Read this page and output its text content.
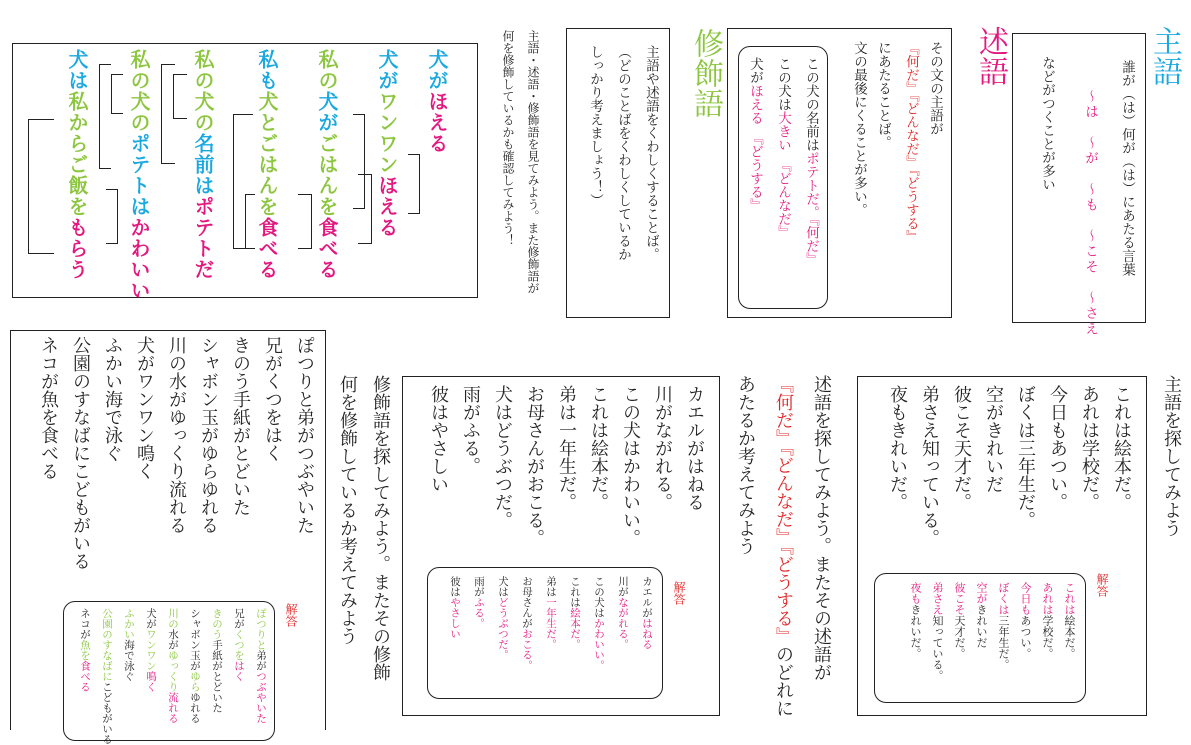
主語
誰が（は）何が（は）にあたる言葉
〜は　〜が　〜も　〜こそ　〜さえ
などがつくことが多い
述語
その文の主語が
『何だ』『どんなだ』『どうする』
にあたることば。
文の最後にくることが多い。
この犬の名前はポテトだ。『何だ』
この犬は大きい　『どんなだ』
犬がほえる　『どうする』
修飾語
主語や述語をくわしくすることば。
（どのことばをくわしくしているか
しっかり考えましょう！）
主語・述語・修飾語を見てみよう。また修飾語が
何を修飾しているかも確認してみよう！
犬がほえる
犬がワンワンほえる
私の犬がごはんを食べる
私も犬とごはんを食べる
私の犬の名前はポテトだ
私の犬のポテトはかわいい
犬は私からご飯をもらう
主語を探してみよう
これは絵本だ。
あれは学校だ。
今日もあつい。
ぼくは三年生だ。
空がきれいだ
彼こそ天才だ。
弟さえ知っている。
夜もきれいだ。
解答
これは絵本だ。
あれは学校だ。
今日もあつい。
ぼくは三年生だ。
空がきれいだ
彼こそ天才だ。
弟さえ知っている。
夜もきれいだ。
述語を探してみよう。またその述語が
『何だ』『どんなだ』『どうする』のどれに
あたるか考えてみよう
カエルがはねる
川がながれる。
この犬はかわいい。
これは絵本だ。
弟は一年生だ。
お母さんがおこる。
犬はどうぶつだ。
雨がふる。
彼はやさしい
解答
カエルがはねる
川がながれる。
この犬はかわいい。
これは絵本だ。
弟は一年生だ。
お母さんがおこる。
犬はどうぶつだ。
雨がふる。
彼はやさしい
修飾語を探してみよう。またその修飾
何を修飾しているか考えてみよう
ぽつりと弟がつぶやいた
兄がくつをはく
きのう手紙がとどいた
シャボン玉がゆらゆれる
川の水がゆっくり流れる
犬がワンワン鳴く
ふかい海で泳ぐ
公園のすなばにこどもがいる
ネコが魚を食べる
解答
ぽつりと弟がつぶやいた
兄がくつをはく
きのう手紙がとどいた
シャボン玉がゆらゆれる
川の水がゆっくり流れる
犬がワンワン鳴く
ふかい海で泳ぐ
公園のすなばにこどもがいる
ネコが魚を食べる
